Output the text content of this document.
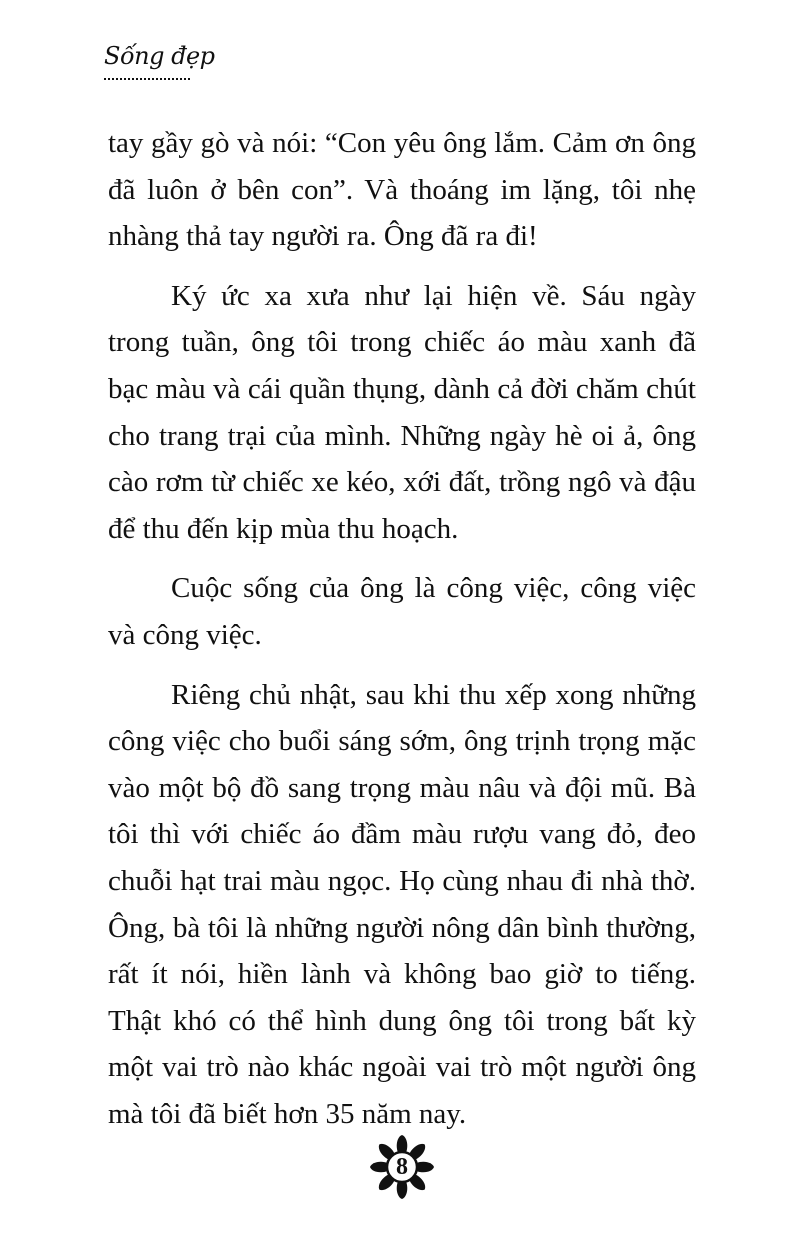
Sống đẹp

tay gầy gò và nói: “Con yêu ông lắm. Cảm ơn ông đã luôn ở bên con”. Và thoáng im lặng, tôi nhẹ nhàng thả tay người ra. Ông đã ra đi!

Ký ức xa xưa như lại hiện về. Sáu ngày trong tuần, ông tôi trong chiếc áo màu xanh đã bạc màu và cái quần thụng, dành cả đời chăm chút cho trang trại của mình. Những ngày hè oi ả, ông cào rơm từ chiếc xe kéo, xới đất, trồng ngô và đậu để thu đến kịp mùa thu hoạch.

Cuộc sống của ông là công việc, công việc và công việc.

Riêng chủ nhật, sau khi thu xếp xong những công việc cho buổi sáng sớm, ông trịnh trọng mặc vào một bộ đồ sang trọng màu nâu và đội mũ. Bà tôi thì với chiếc áo đầm màu rượu vang đỏ, đeo chuỗi hạt trai màu ngọc. Họ cùng nhau đi nhà thờ. Ông, bà tôi là những người nông dân bình thường, rất ít nói, hiền lành và không bao giờ to tiếng. Thật khó có thể hình dung ông tôi trong bất kỳ một vai trò nào khác ngoài vai trò một người ông mà tôi đã biết hơn 35 năm nay.

8
